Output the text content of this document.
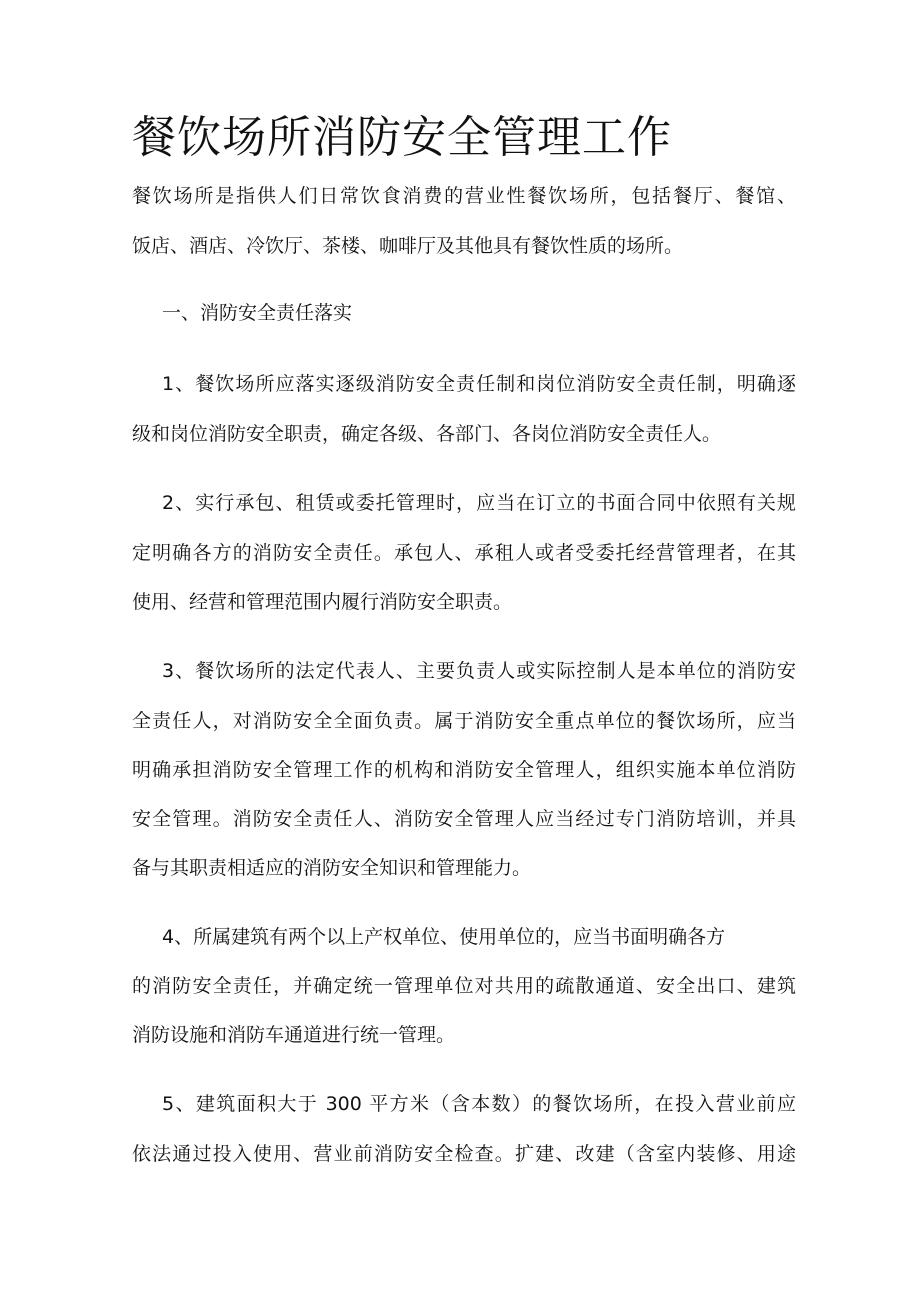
餐饮场所消防安全管理工作

餐饮场所是指供人们日常饮食消费的营业性餐饮场所，包括餐厅、餐馆、

饭店、酒店、冷饮厅、茶楼、咖啡厅及其他具有餐饮性质的场所。

一、消防安全责任落实

1、餐饮场所应落实逐级消防安全责任制和岗位消防安全责任制，明确逐

级和岗位消防安全职责，确定各级、各部门、各岗位消防安全责任人。

2、实行承包、租赁或委托管理时，应当在订立的书面合同中依照有关规

定明确各方的消防安全责任。承包人、承租人或者受委托经营管理者，在其

使用、经营和管理范围内履行消防安全职责。

3、餐饮场所的法定代表人、主要负责人或实际控制人是本单位的消防安

全责任人，对消防安全全面负责。属于消防安全重点单位的餐饮场所，应当

明确承担消防安全管理工作的机构和消防安全管理人，组织实施本单位消防

安全管理。消防安全责任人、消防安全管理人应当经过专门消防培训，并具

备与其职责相适应的消防安全知识和管理能力。

4、所属建筑有两个以上产权单位、使用单位的，应当书面明确各方

的消防安全责任，并确定统一管理单位对共用的疏散通道、安全出口、建筑

消防设施和消防车通道进行统一管理。

5、建筑面积大于 300 平方米（含本数）的餐饮场所，在投入营业前应

依法通过投入使用、营业前消防安全检查。扩建、改建（含室内装修、用途
